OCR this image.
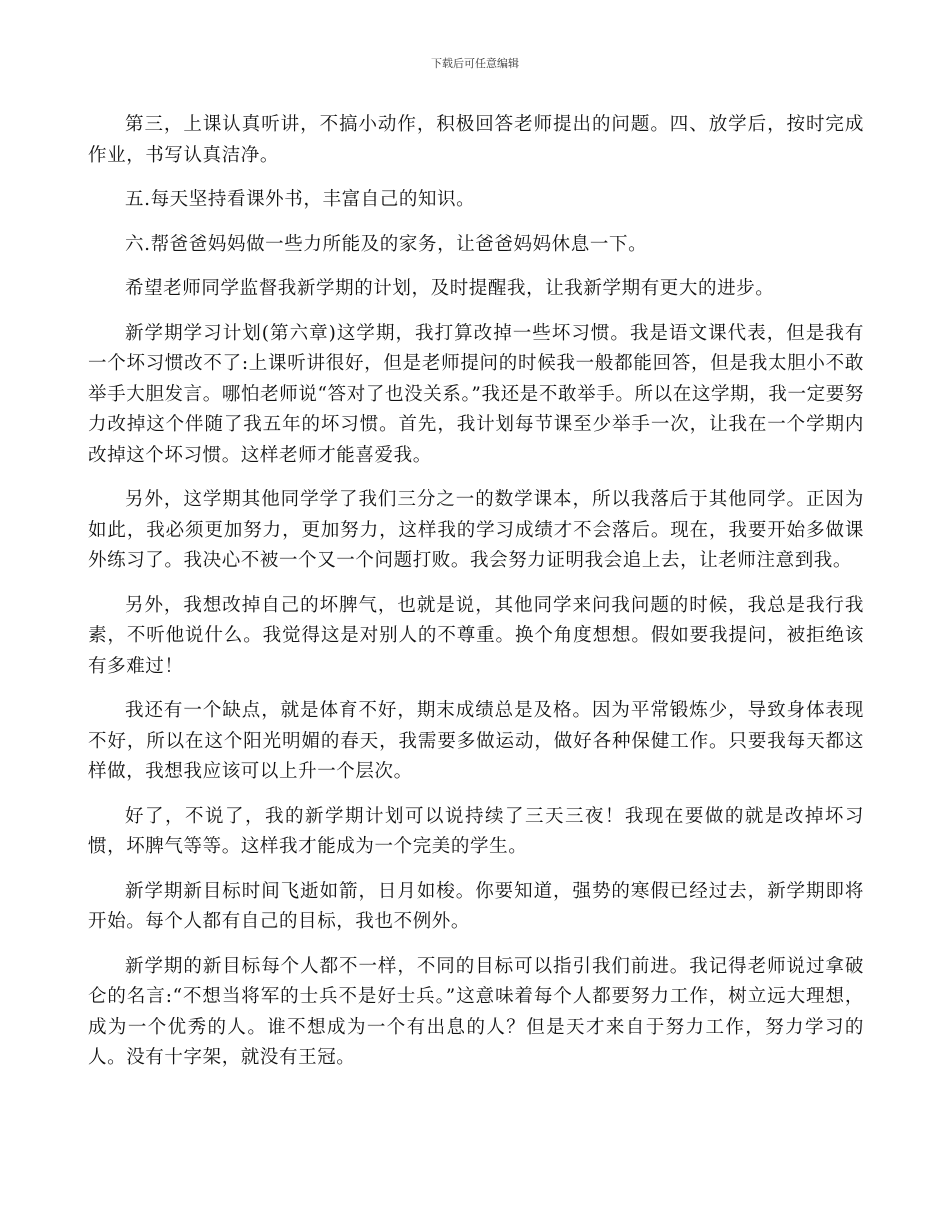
下载后可任意编辑

第三，上课认真听讲，不搞小动作，积极回答老师提出的问题。四、放学后，按时完成作业，书写认真洁净。

五.每天坚持看课外书，丰富自己的知识。

六.帮爸爸妈妈做一些力所能及的家务，让爸爸妈妈休息一下。

希望老师同学监督我新学期的计划，及时提醒我，让我新学期有更大的进步。

新学期学习计划(第六章)这学期，我打算改掉一些坏习惯。我是语文课代表，但是我有一个坏习惯改不了:上课听讲很好，但是老师提问的时候我一般都能回答，但是我太胆小不敢举手大胆发言。哪怕老师说“答对了也没关系。”我还是不敢举手。所以在这学期，我一定要努力改掉这个伴随了我五年的坏习惯。首先，我计划每节课至少举手一次，让我在一个学期内改掉这个坏习惯。这样老师才能喜爱我。

另外，这学期其他同学学了我们三分之一的数学课本，所以我落后于其他同学。正因为如此，我必须更加努力，更加努力，这样我的学习成绩才不会落后。现在，我要开始多做课外练习了。我决心不被一个又一个问题打败。我会努力证明我会追上去，让老师注意到我。

另外，我想改掉自己的坏脾气，也就是说，其他同学来问我问题的时候，我总是我行我素，不听他说什么。我觉得这是对别人的不尊重。换个角度想想。假如要我提问，被拒绝该有多难过！

我还有一个缺点，就是体育不好，期末成绩总是及格。因为平常锻炼少，导致身体表现不好，所以在这个阳光明媚的春天，我需要多做运动，做好各种保健工作。只要我每天都这样做，我想我应该可以上升一个层次。

好了，不说了，我的新学期计划可以说持续了三天三夜！我现在要做的就是改掉坏习惯，坏脾气等等。这样我才能成为一个完美的学生。

新学期新目标时间飞逝如箭，日月如梭。你要知道，强势的寒假已经过去，新学期即将开始。每个人都有自己的目标，我也不例外。

新学期的新目标每个人都不一样，不同的目标可以指引我们前进。我记得老师说过拿破仑的名言:“不想当将军的士兵不是好士兵。”这意味着每个人都要努力工作，树立远大理想，成为一个优秀的人。谁不想成为一个有出息的人？但是天才来自于努力工作，努力学习的人。没有十字架，就没有王冠。
